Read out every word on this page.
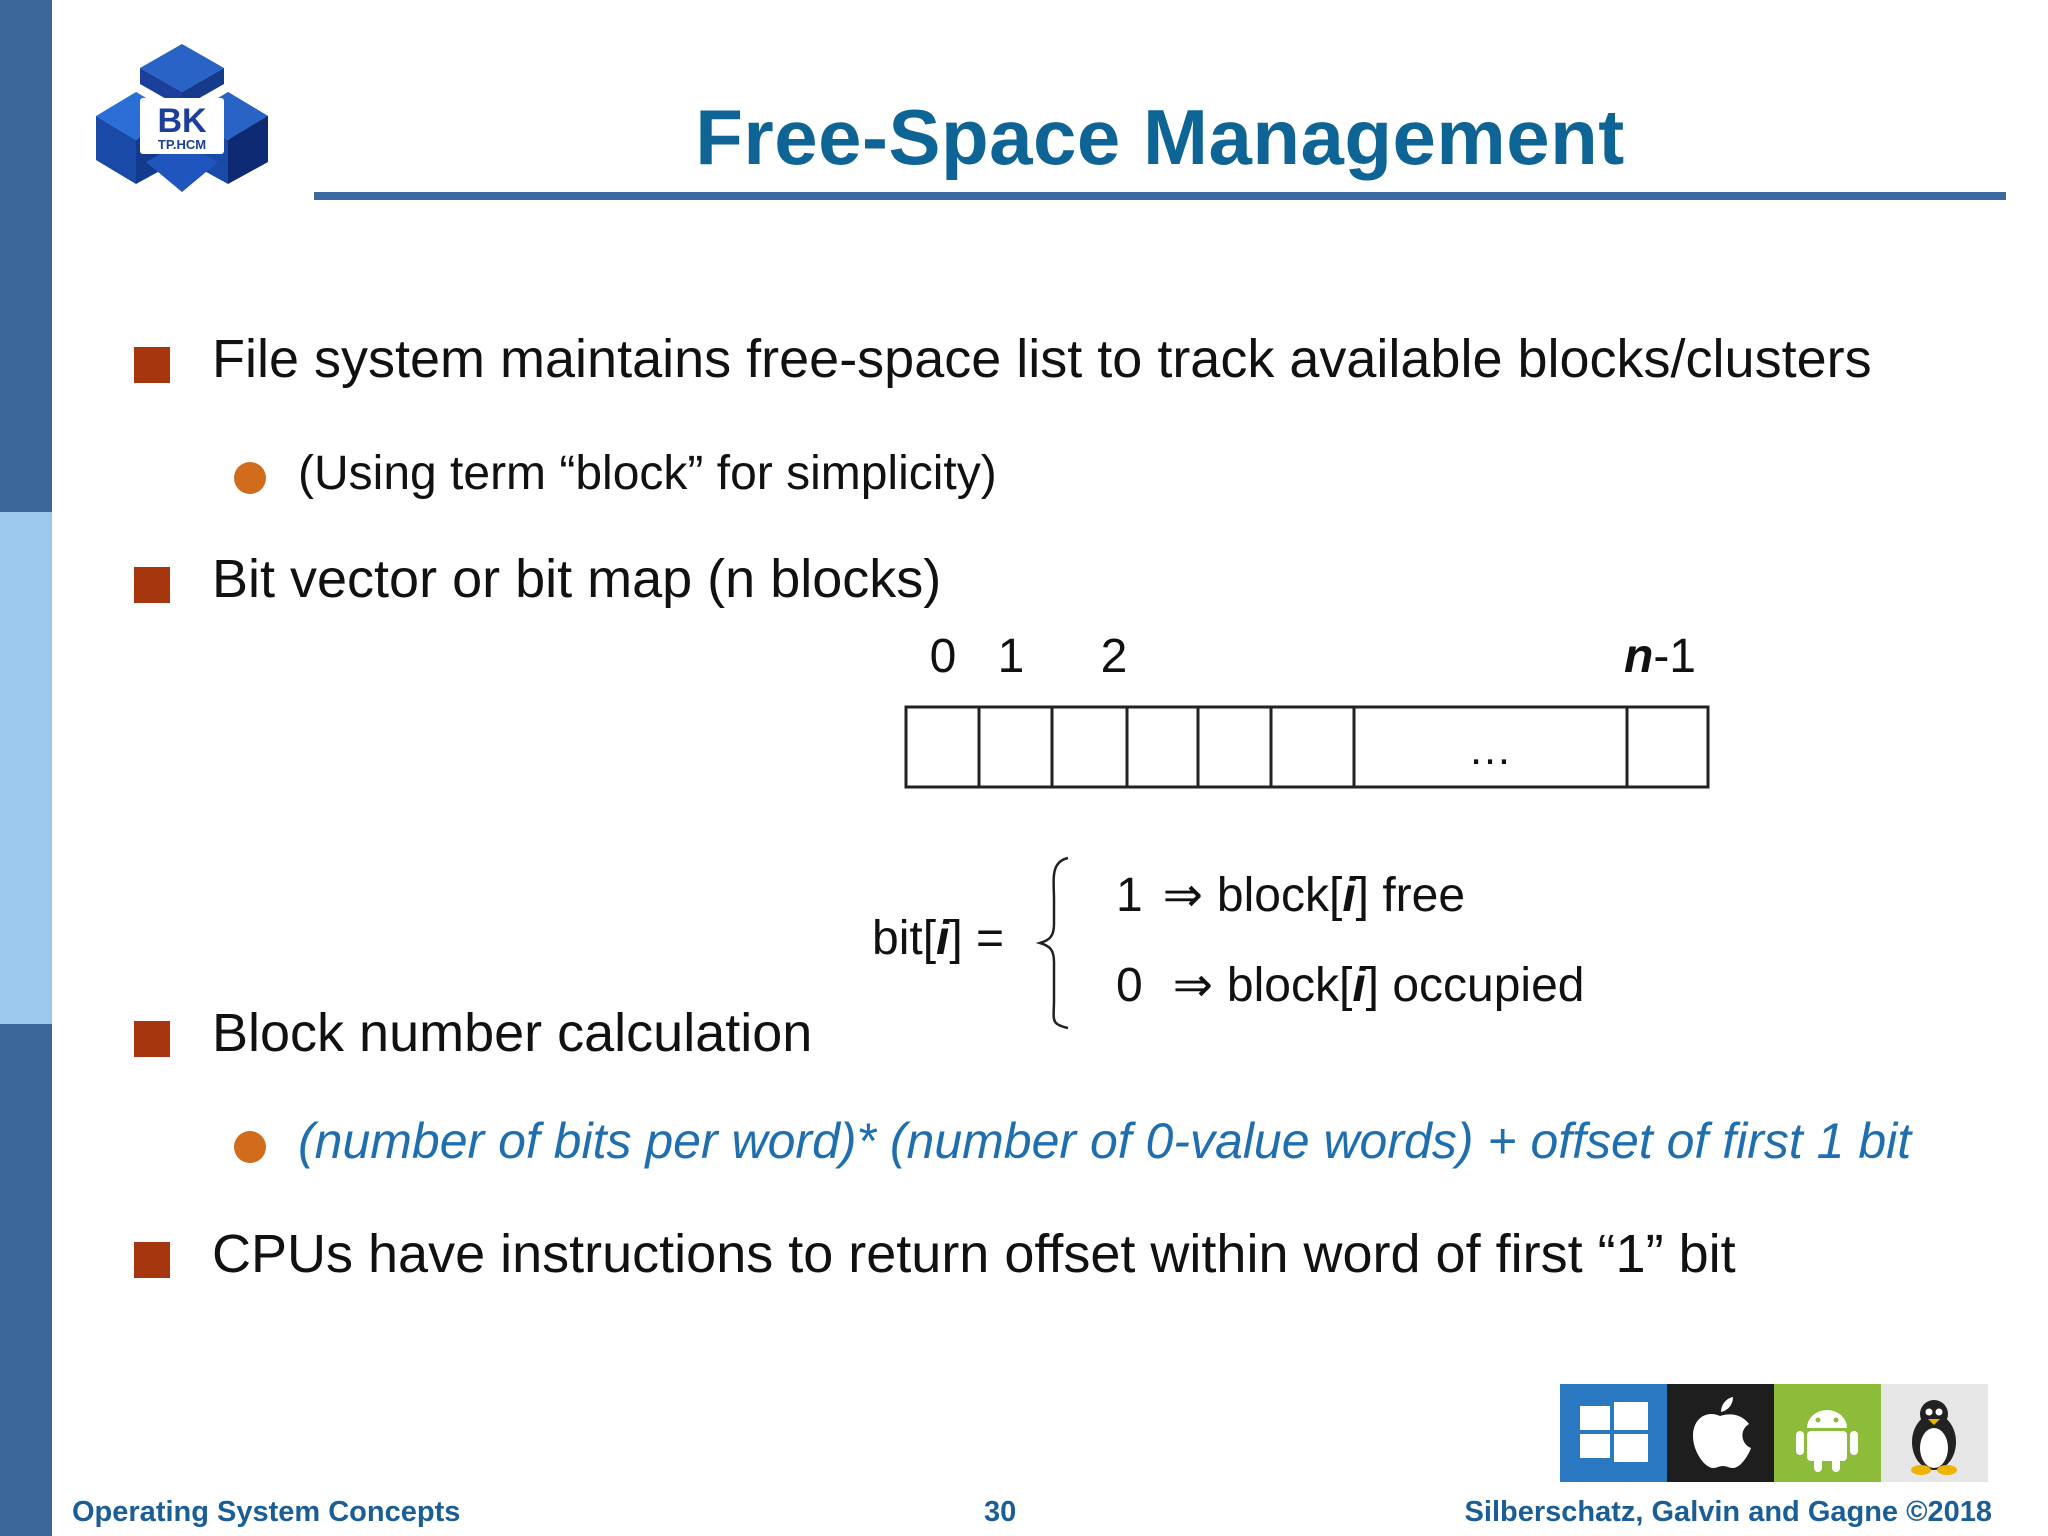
BK
TP.HCM	Free-Space Management
File system maintains free-space list to track available blocks/clusters
(Using term “block” for simplicity)
Bit vector or bit map (n blocks)
0 1 2	n-1
…
bit[i] =
1 ⇒ block[i] free
0 ⇒ block[i] occupied
Block number calculation
(number of bits per word)* (number of 0-value words) + offset of first 1 bit
CPUs have instructions to return offset within word of first “1” bit
Operating System Concepts	30	Silberschatz, Galvin and Gagne ©2018
